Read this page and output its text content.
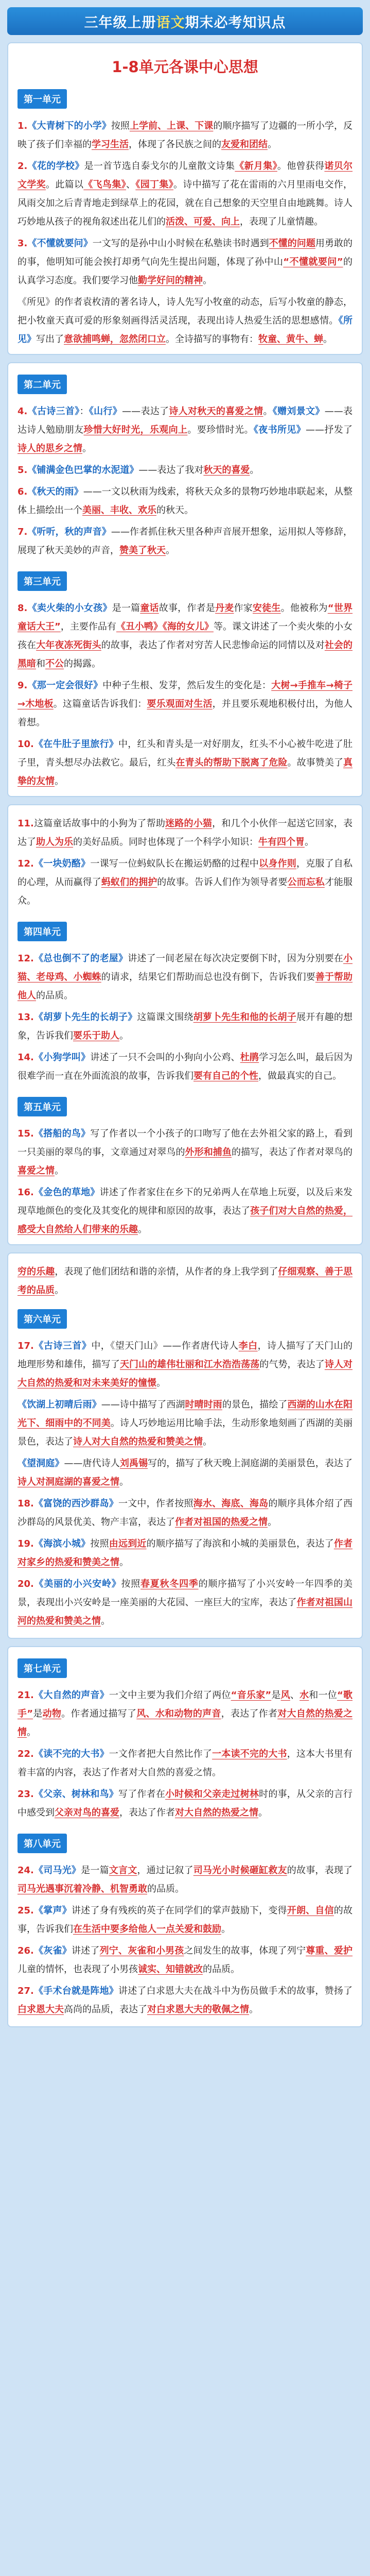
三年级上册 语文 期末必考知识点
1-8单元各课中心思想
第一单元
1.《大青树下的小学》按照上学前、上课、下课的顺序描写了边疆的一所小学，反映了孩子们幸福的学习生活，体现了各民族之间的友爱和团结。
2.《花的学校》是一首节选自泰戈尔的儿童散文诗集《新月集》。他曾获得诺贝尔文学奖。此篇以《飞鸟集》、《园丁集》。诗中描写了花在雷雨的六月里雨电交作，风雨交加之后青青地走到绿草上的花园，就在自己想象的天空里自由地跳舞。诗人巧妙地从孩子的视角叙述出花儿们的活泼、可爱、向上，表现了儿童情趣。
3.《不懂就要问》一文写的是孙中山小时候在私塾读书时遇到不懂的问题用勇敢的的事，他明知可能会挨打却勇气向先生提出问题，体现了孙中山“不懂就要问”的认真学习态度。我们要学习他勤学好问的精神。
《所见》的作者袁枚清的著名诗人，诗人先写小牧童的动态，后写小牧童的静态，把小牧童天真可爱的形象刻画得活灵活现，表现出诗人热爱生活的思想感情。《所见》写出了意欲捕鸣蝉，忽然闭口立。全诗描写的事物有：牧童、黄牛、蝉。
第二单元
4.《古诗三首》：《山行》——表达了诗人对秋天的喜爱之情。《赠刘景文》——表达诗人勉励朋友珍惜大好时光，乐观向上。要珍惜时光。《夜书所见》——抒发了诗人的思乡之情。
5.《铺满金色巴掌的水泥道》——表达了我对秋天的喜爱。
6.《秋天的雨》——一文以秋雨为线索，将秋天众多的景物巧妙地串联起来，从整体上描绘出一个美丽、丰收、欢乐的秋天。
7.《听听，秋的声音》——作者抓住秋天里各种声音展开想象，运用拟人等修辞，展现了秋天美妙的声音，赞美了秋天。
第三单元
8.《卖火柴的小女孩》是一篇童话故事，作者是丹麦作家安徒生。他被称为“世界童话大王”，主要作品有《丑小鸭》《海的女儿》等。课文讲述了一个卖火柴的小女孩在大年夜冻死街头的故事，表达了作者对穷苦人民悲惨命运的同情以及对社会的黑暗和不公的揭露。
9.《那一定会很好》中种子生根、发芽，然后发生的变化是：大树→手推车→椅子→木地板。这篇童话告诉我们：要乐观面对生活，并且要乐观地积极付出，为他人着想。
10.《在牛肚子里旅行》中，红头和青头是一对好朋友，红头不小心被牛吃进了肚子里，青头想尽办法救它。最后，红头在青头的帮助下脱离了危险。故事赞美了真挚的友情。
11.这篇童话故事中的小狗为了帮助迷路的小猫，和几个小伙伴一起送它回家，表达了助人为乐的美好品质。同时也体现了一个科学小知识：牛有四个胃。
12.《一块奶酪》一课写一位蚂蚁队长在搬运奶酪的过程中以身作则，克服了自私的心理，从而赢得了蚂蚁们的拥护的故事。告诉人们作为领导者要公而忘私才能服众。
第四单元
12.《总也倒不了的老屋》讲述了一间老屋在每次决定要倒下时，因为分别要在小猫、老母鸡、小蜘蛛的请求，结果它们帮助而总也没有倒下，告诉我们要善于帮助他人的品质。
13.《胡萝卜先生的长胡子》这篇课文围绕胡萝卜先生和他的长胡子展开有趣的想象，告诉我们要乐于助人。
14.《小狗学叫》讲述了一只不会叫的小狗向小公鸡、杜鹃学习怎么叫，最后因为很难学而一直在外面流浪的故事，告诉我们要有自己的个性，做最真实的自己。
第五单元
15.《搭船的鸟》写了作者以一个小孩子的口吻写了他在去外祖父家的路上，看到一只美丽的翠鸟的事，文章通过对翠鸟的外形和捕鱼的描写，表达了作者对翠鸟的喜爱之情。
16.《金色的草地》讲述了作者家住在乡下的兄弟两人在草地上玩耍，以及后来发现草地颜色的变化及其变化的规律和原因的故事，表达了孩子们对大自然的热爱，感受大自然给人们带来的乐趣。
穷的乐趣，表现了他们团结和谐的亲情，从作者的身上我学到了仔细观察、善于思考的品质。
第六单元
17.《古诗三首》中，《望天门山》——作者唐代诗人李白，诗人描写了天门山的地理形势和雄伟，描写了天门山的雄伟壮丽和江水浩浩荡荡的气势，表达了诗人对大自然的热爱和对未来美好的憧憬。
《饮湖上初晴后雨》——诗中描写了西湖时晴时雨的景色，描绘了西湖的山水在阳光下、细雨中的不同美。诗人巧妙地运用比喻手法，生动形象地刻画了西湖的美丽景色，表达了诗人对大自然的热爱和赞美之情。
《望洞庭》——唐代诗人刘禹锡写的，描写了秋天晚上洞庭湖的美丽景色，表达了诗人对洞庭湖的喜爱之情。
18.《富饶的西沙群岛》一文中，作者按照海水、海底、海岛的顺序具体介绍了西沙群岛的风景优美、物产丰富，表达了作者对祖国的热爱之情。
19.《海滨小城》按照由远到近的顺序描写了海滨和小城的美丽景色，表达了作者对家乡的热爱和赞美之情。
20.《美丽的小兴安岭》按照春夏秋冬四季的顺序描写了小兴安岭一年四季的美景，表现出小兴安岭是一座美丽的大花园、一座巨大的宝库，表达了作者对祖国山河的热爱和赞美之情。
第七单元
21.《大自然的声音》一文中主要为我们介绍了两位“音乐家”是风、水和一位“歌手”是动物。作者通过描写了风、水和动物的声音，表达了作者对大自然的热爱之情。
22.《读不完的大书》一文作者把大自然比作了一本读不完的大书，这本大书里有着丰富的内容，表达了作者对大自然的喜爱之情。
23.《父亲、树林和鸟》写了作者在小时候和父亲走过树林时的事，从父亲的言行中感受到父亲对鸟的喜爱，表达了作者对大自然的热爱之情。
第八单元
24.《司马光》是一篇文言文，通过记叙了司马光小时候砸缸救友的故事，表现了司马光遇事沉着冷静、机智勇敢的品质。
25.《掌声》讲述了身有残疾的英子在同学们的掌声鼓励下，变得开朗、自信的故事，告诉我们在生活中要多给他人一点关爱和鼓励。
26.《灰雀》讲述了列宁、灰雀和小男孩之间发生的故事，体现了列宁尊重、爱护儿童的情怀，也表现了小男孩诚实、知错就改的品质。
27.《手术台就是阵地》讲述了白求恩大夫在战斗中为伤员做手术的故事，赞扬了白求恩大夫高尚的品质，表达了对白求恩大夫的敬佩之情。
